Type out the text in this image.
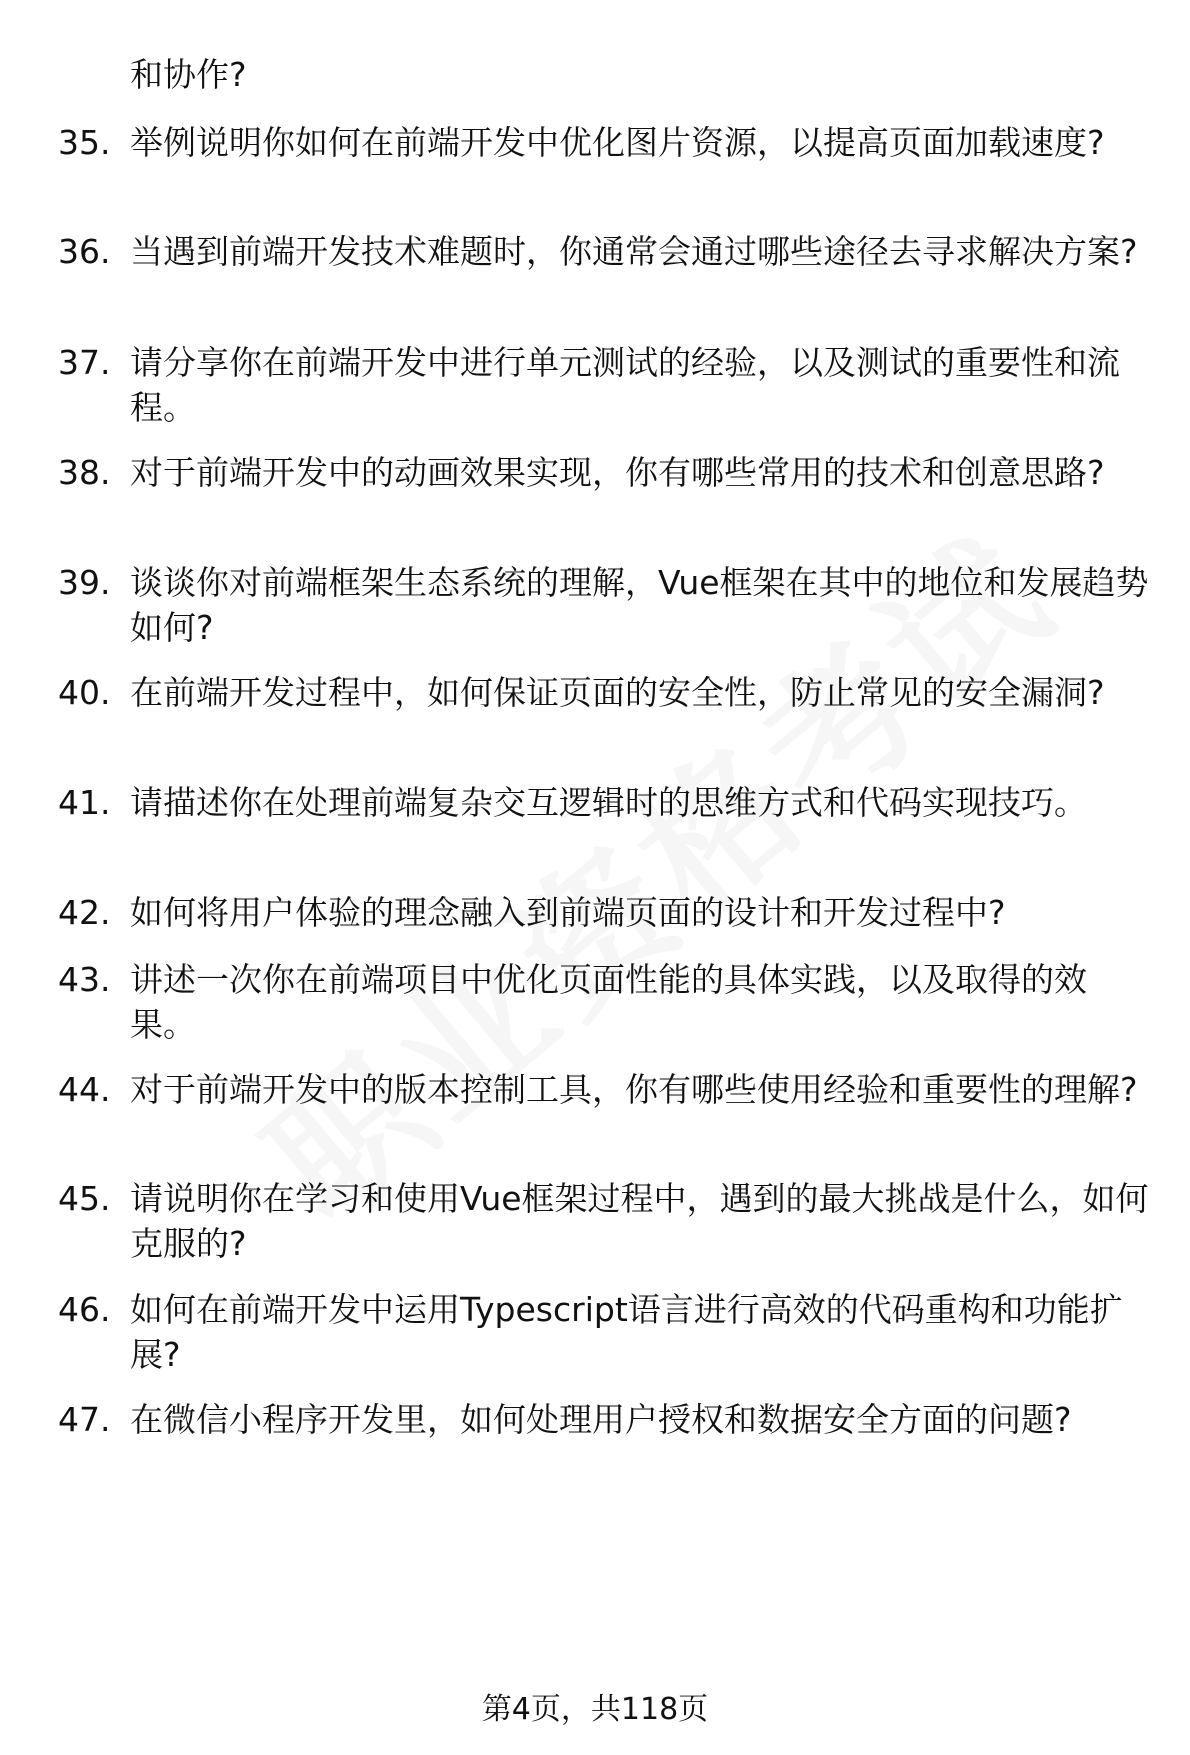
和协作?
35. 举例说明你如何在前端开发中优化图片资源，以提高页面加载速度?
36. 当遇到前端开发技术难题时，你通常会通过哪些途径去寻求解决方案?
37. 请分享你在前端开发中进行单元测试的经验，以及测试的重要性和流程。
38. 对于前端开发中的动画效果实现，你有哪些常用的技术和创意思路?
39. 谈谈你对前端框架生态系统的理解，Vue框架在其中的地位和发展趋势如何?
40. 在前端开发过程中，如何保证页面的安全性，防止常见的安全漏洞?
41. 请描述你在处理前端复杂交互逻辑时的思维方式和代码实现技巧。
42. 如何将用户体验的理念融入到前端页面的设计和开发过程中?
43. 讲述一次你在前端项目中优化页面性能的具体实践，以及取得的效果。
44. 对于前端开发中的版本控制工具，你有哪些使用经验和重要性的理解?
45. 请说明你在学习和使用Vue框架过程中，遇到的最大挑战是什么，如何克服的?
46. 如何在前端开发中运用Typescript语言进行高效的代码重构和功能扩展?
47. 在微信小程序开发里，如何处理用户授权和数据安全方面的问题?
第4页，共118页
